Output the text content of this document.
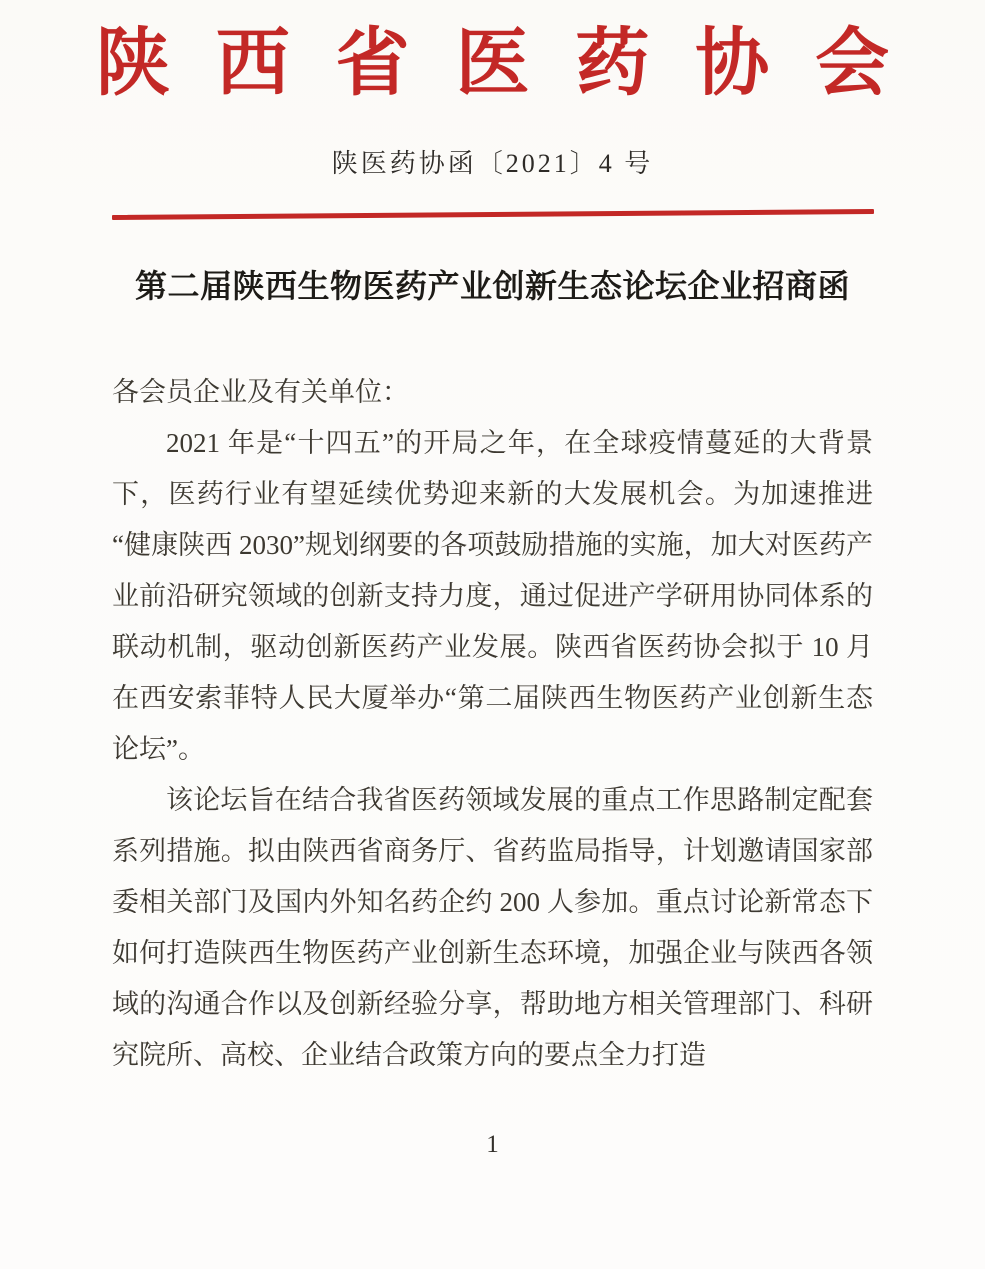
陕西省医药协会
陕医药协函〔2021〕4 号
第二届陕西生物医药产业创新生态论坛企业招商函

各会员企业及有关单位：

2021 年是“十四五”的开局之年，在全球疫情蔓延的大背景下，医药行业有望延续优势迎来新的大发展机会。为加速推进“健康陕西 2030”规划纲要的各项鼓励措施的实施，加大对医药产业前沿研究领域的创新支持力度，通过促进产学研用协同体系的联动机制，驱动创新医药产业发展。陕西省医药协会拟于 10 月在西安索菲特人民大厦举办“第二届陕西生物医药产业创新生态论坛”。

该论坛旨在结合我省医药领域发展的重点工作思路制定配套系列措施。拟由陕西省商务厅、省药监局指导，计划邀请国家部委相关部门及国内外知名药企约 200 人参加。重点讨论新常态下如何打造陕西生物医药产业创新生态环境，加强企业与陕西各领域的沟通合作以及创新经验分享，帮助地方相关管理部门、科研究院所、高校、企业结合政策方向的要点全力打造

1
